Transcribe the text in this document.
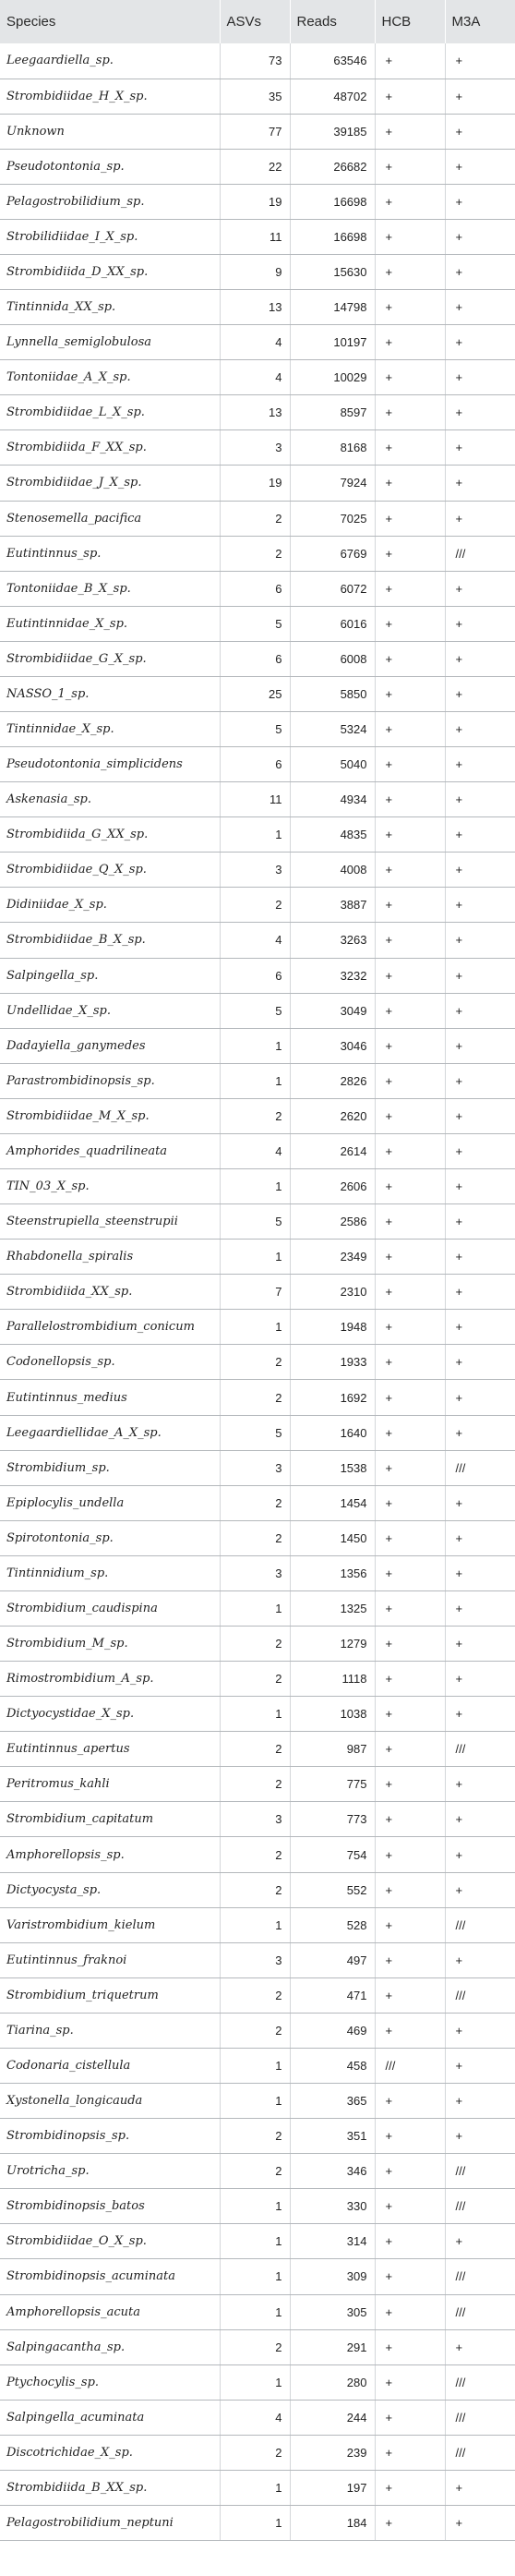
Species	ASVs	Reads	HCB	M3A
Leegaardiella_sp.	73	63546	+	+
Strombidiidae_H_X_sp.	35	48702	+	+
Unknown	77	39185	+	+
Pseudotontonia_sp.	22	26682	+	+
Pelagostrobilidium_sp.	19	16698	+	+
Strobilidiidae_I_X_sp.	11	16698	+	+
Strombidiida_D_XX_sp.	9	15630	+	+
Tintinnida_XX_sp.	13	14798	+	+
Lynnella_semiglobulosa	4	10197	+	+
Tontoniidae_A_X_sp.	4	10029	+	+
Strombidiidae_L_X_sp.	13	8597	+	+
Strombidiida_F_XX_sp.	3	8168	+	+
Strombidiidae_J_X_sp.	19	7924	+	+
Stenosemella_pacifica	2	7025	+	+
Eutintinnus_sp.	2	6769	+	///
Tontoniidae_B_X_sp.	6	6072	+	+
Eutintinnidae_X_sp.	5	6016	+	+
Strombidiidae_G_X_sp.	6	6008	+	+
NASSO_1_sp.	25	5850	+	+
Tintinnidae_X_sp.	5	5324	+	+
Pseudotontonia_simplicidens	6	5040	+	+
Askenasia_sp.	11	4934	+	+
Strombidiida_G_XX_sp.	1	4835	+	+
Strombidiidae_Q_X_sp.	3	4008	+	+
Didiniidae_X_sp.	2	3887	+	+
Strombidiidae_B_X_sp.	4	3263	+	+
Salpingella_sp.	6	3232	+	+
Undellidae_X_sp.	5	3049	+	+
Dadayiella_ganymedes	1	3046	+	+
Parastrombidinopsis_sp.	1	2826	+	+
Strombidiidae_M_X_sp.	2	2620	+	+
Amphorides_quadrilineata	4	2614	+	+
TIN_03_X_sp.	1	2606	+	+
Steenstrupiella_steenstrupii	5	2586	+	+
Rhabdonella_spiralis	1	2349	+	+
Strombidiida_XX_sp.	7	2310	+	+
Parallelostrombidium_conicum	1	1948	+	+
Codonellopsis_sp.	2	1933	+	+
Eutintinnus_medius	2	1692	+	+
Leegaardiellidae_A_X_sp.	5	1640	+	+
Strombidium_sp.	3	1538	+	///
Epiplocylis_undella	2	1454	+	+
Spirotontonia_sp.	2	1450	+	+
Tintinnidium_sp.	3	1356	+	+
Strombidium_caudispina	1	1325	+	+
Strombidium_M_sp.	2	1279	+	+
Rimostrombidium_A_sp.	2	1118	+	+
Dictyocystidae_X_sp.	1	1038	+	+
Eutintinnus_apertus	2	987	+	///
Peritromus_kahli	2	775	+	+
Strombidium_capitatum	3	773	+	+
Amphorellopsis_sp.	2	754	+	+
Dictyocysta_sp.	2	552	+	+
Varistrombidium_kielum	1	528	+	///
Eutintinnus_fraknoi	3	497	+	+
Strombidium_triquetrum	2	471	+	///
Tiarina_sp.	2	469	+	+
Codonaria_cistellula	1	458	///	+
Xystonella_longicauda	1	365	+	+
Strombidinopsis_sp.	2	351	+	+
Urotricha_sp.	2	346	+	///
Strombidinopsis_batos	1	330	+	///
Strombidiidae_O_X_sp.	1	314	+	+
Strombidinopsis_acuminata	1	309	+	///
Amphorellopsis_acuta	1	305	+	///
Salpingacantha_sp.	2	291	+	+
Ptychocylis_sp.	1	280	+	///
Salpingella_acuminata	4	244	+	///
Discotrichidae_X_sp.	2	239	+	///
Strombidiida_B_XX_sp.	1	197	+	+
Pelagostrobilidium_neptuni	1	184	+	+
